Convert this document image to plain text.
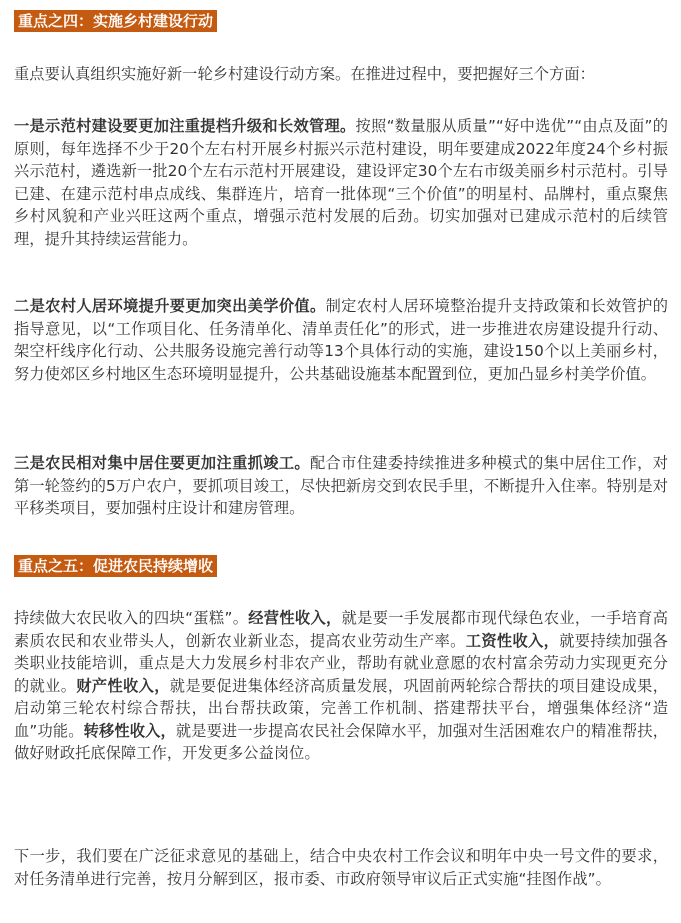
重点之四：实施乡村建设行动

重点要认真组织实施好新一轮乡村建设行动方案。在推进过程中，要把握好三个方面：

一是示范村建设要更加注重提档升级和长效管理。按照“数量服从质量”“好中选优”“由点及面”的原则，每年选择不少于20个左右村开展乡村振兴示范村建设，明年要建成2022年度24个乡村振兴示范村，遴选新一批20个左右示范村开展建设，建设评定30个左右市级美丽乡村示范村。引导已建、在建示范村串点成线、集群连片，培育一批体现“三个价值”的明星村、品牌村，重点聚焦乡村风貌和产业兴旺这两个重点，增强示范村发展的后劲。切实加强对已建成示范村的后续管理，提升其持续运营能力。

二是农村人居环境提升要更加突出美学价值。制定农村人居环境整治提升支持政策和长效管护的指导意见，以“工作项目化、任务清单化、清单责任化”的形式，进一步推进农房建设提升行动、架空杆线序化行动、公共服务设施完善行动等13个具体行动的实施，建设150个以上美丽乡村，努力使郊区乡村地区生态环境明显提升，公共基础设施基本配置到位，更加凸显乡村美学价值。

三是农民相对集中居住要更加注重抓竣工。配合市住建委持续推进多种模式的集中居住工作，对第一轮签约的5万户农户，要抓项目竣工，尽快把新房交到农民手里，不断提升入住率。特别是对平移类项目，要加强村庄设计和建房管理。

重点之五：促进农民持续增收

持续做大农民收入的四块“蛋糕”。经营性收入，就是要一手发展都市现代绿色农业，一手培育高素质农民和农业带头人，创新农业新业态，提高农业劳动生产率。工资性收入，就要持续加强各类职业技能培训，重点是大力发展乡村非农产业，帮助有就业意愿的农村富余劳动力实现更充分的就业。财产性收入，就是要促进集体经济高质量发展，巩固前两轮综合帮扶的项目建设成果，启动第三轮农村综合帮扶，出台帮扶政策，完善工作机制、搭建帮扶平台，增强集体经济“造血”功能。转移性收入，就是要进一步提高农民社会保障水平，加强对生活困难农户的精准帮扶，做好财政托底保障工作，开发更多公益岗位。

下一步，我们要在广泛征求意见的基础上，结合中央农村工作会议和明年中央一号文件的要求，对任务清单进行完善，按月分解到区，报市委、市政府领导审议后正式实施“挂图作战”。
